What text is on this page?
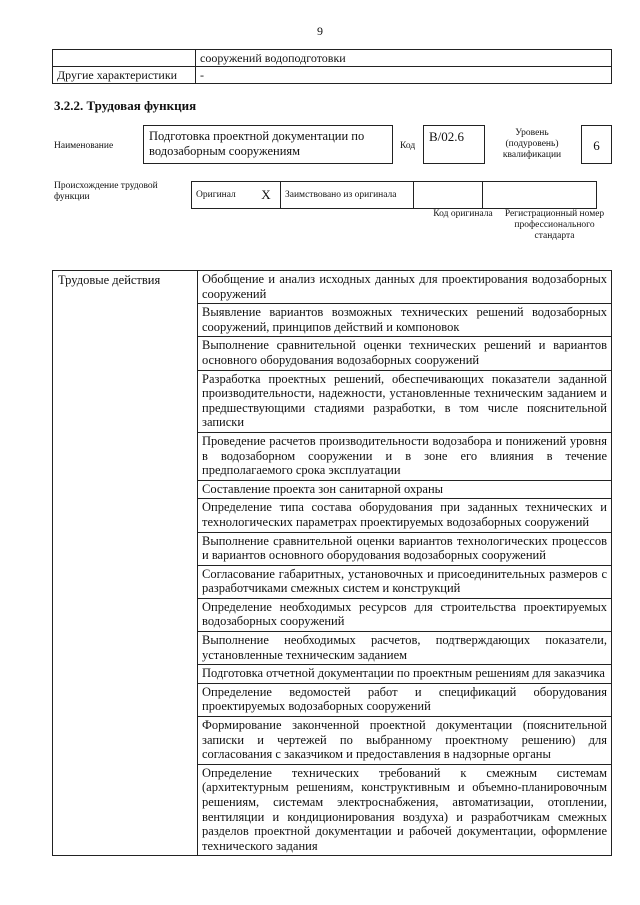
9
	сооружений водоподготовки
Другие характеристики	-
3.2.2. Трудовая функция
Наименование
Подготовка проектной документации по водозаборным сооружениям	Код
B/02.6	Уровень (подуровень) квалификации
6
Происхождение трудовой функции	Оригинал	X	Заимствовано из оригинала		
Код оригинала	Регистрационный номер профессионального стандарта
Трудовые действия	Обобщение и анализ исходных данных для проектирования водозаборных сооружений
Выявление вариантов возможных технических решений водозаборных сооружений, принципов действий и компоновок
Выполнение сравнительной оценки технических решений и вариантов основного оборудования водозаборных сооружений
Разработка проектных решений, обеспечивающих показатели заданной производительности, надежности, установленные техническим заданием и предшествующими стадиями разработки, в том числе пояснительной записки
Проведение расчетов производительности водозабора и понижений уровня в водозаборном сооружении и в зоне его влияния в течение предполагаемого срока эксплуатации
Составление проекта зон санитарной охраны
Определение типа состава оборудования при заданных технических и технологических параметрах проектируемых водозаборных сооружений
Выполнение сравнительной оценки вариантов технологических процессов и вариантов основного оборудования водозаборных сооружений
Согласование габаритных, установочных и присоединительных размеров с разработчиками смежных систем и конструкций
Определение необходимых ресурсов для строительства проектируемых водозаборных сооружений
Выполнение необходимых расчетов, подтверждающих показатели, установленные техническим заданием
Подготовка отчетной документации по проектным решениям для заказчика
Определение ведомостей работ и спецификаций оборудования проектируемых водозаборных сооружений
Формирование законченной проектной документации (пояснительной записки и чертежей по выбранному проектному решению) для согласования с заказчиком и предоставления в надзорные органы
Определение технических требований к смежным системам (архитектурным решениям, конструктивным и объемно-планировочным решениям, системам электроснабжения, автоматизации, отоплении, вентиляции и кондиционирования воздуха) и разработчикам смежных разделов проектной документации и рабочей документации, оформление технического задания
